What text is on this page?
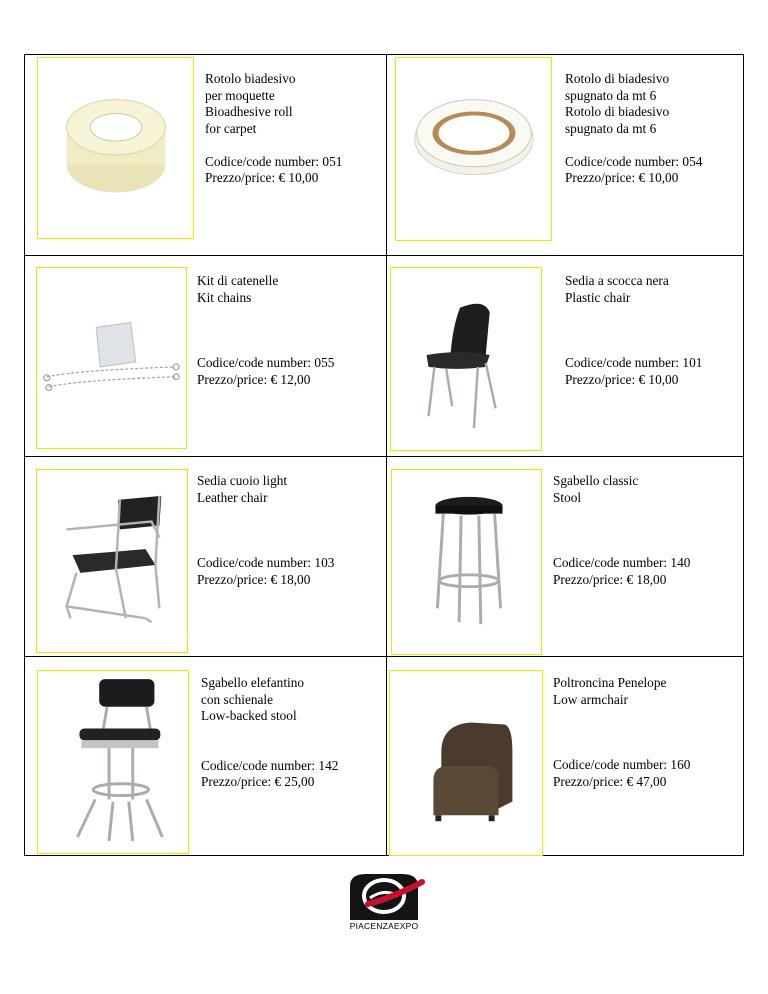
Rotolo biadesivo
per moquette
Bioadhesive roll
for carpet
Codice/code number: 051
Prezzo/price: € 10,00
Rotolo di biadesivo
spugnato da mt 6
Rotolo di biadesivo
spugnato da mt 6
Codice/code number: 054
Prezzo/price: € 10,00
Kit di catenelle
Kit chains
Codice/code number: 055
Prezzo/price: € 12,00
Sedia a scocca nera
Plastic chair
Codice/code number: 101
Prezzo/price: € 10,00
Sedia cuoio light
Leather chair
Codice/code number: 103
Prezzo/price: € 18,00
Sgabello classic
Stool
Codice/code number: 140
Prezzo/price: € 18,00
Sgabello elefantino
con schienale
Low-backed stool
Codice/code number: 142
Prezzo/price: € 25,00
Poltroncina Penelope
Low armchair
Codice/code number: 160
Prezzo/price: € 47,00
PIACENZAEXPO
